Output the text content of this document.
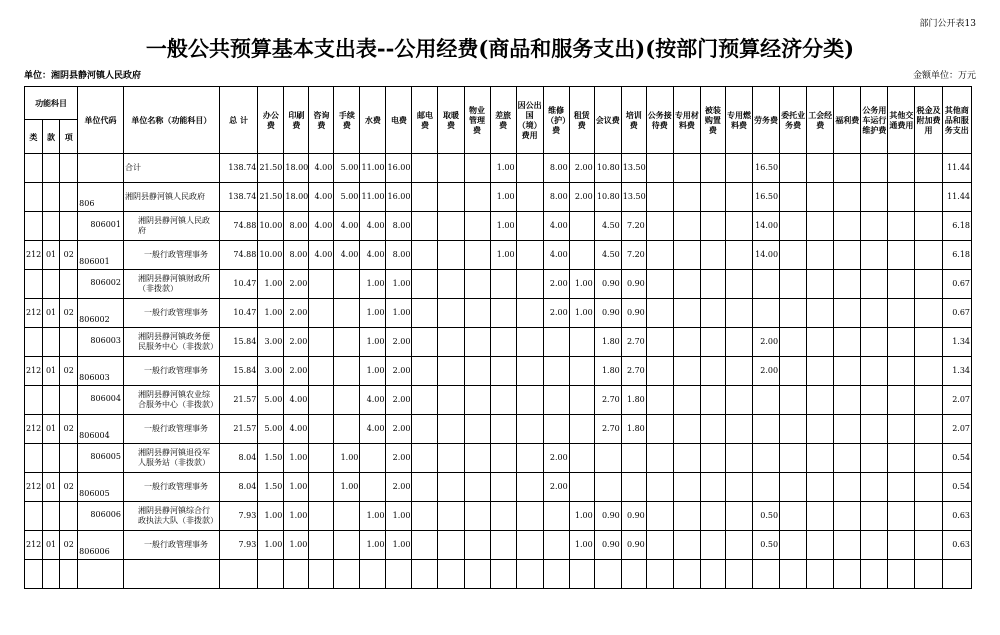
部门公开表13
一般公共预算基本支出表--公用经费(商品和服务支出)(按部门预算经济分类)
单位：湘阴县静河镇人民政府	金额单位：万元
功能科目			单位代码	单位名称（功能科目）	总 计	办公费	印刷费	咨询费	手续费	水费	电费	邮电费	取暖费	物业管理费	差旅费	因公出国（境）费用	维修（护）费	租赁费	会议费	培训费	公务接待费	专用材料费	被装购置费	专用燃料费	劳务费	委托业务费	工会经费	福利费	公务用车运行维护费	其他交通费用	税金及附加费用	其他商品和服务支出
类	款	项																														
				合计	138.74	21.50	18.00	4.00	5.00	11.00	16.00				1.00		8.00	2.00	10.80	13.50					16.50							11.44
			806	湘阴县静河镇人民政府	138.74	21.50	18.00	4.00	5.00	11.00	16.00				1.00		8.00	2.00	10.80	13.50					16.50							11.44
			806001	湘阴县静河镇人民政府	74.88	10.00	8.00	4.00	4.00	4.00	8.00				1.00		4.00		4.50	7.20					14.00							6.18
212	01	02	806001	一般行政管理事务	74.88	10.00	8.00	4.00	4.00	4.00	8.00				1.00		4.00		4.50	7.20					14.00							6.18
			806002	湘阴县静河镇财政所（非拨款）	10.47	1.00	2.00			1.00	1.00						2.00	1.00	0.90	0.90												0.67
212	01	02	806002	一般行政管理事务	10.47	1.00	2.00			1.00	1.00						2.00	1.00	0.90	0.90												0.67
			806003	湘阴县静河镇政务便民服务中心（非拨款）	15.84	3.00	2.00			1.00	2.00								1.80	2.70					2.00							1.34
212	01	02	806003	一般行政管理事务	15.84	3.00	2.00			1.00	2.00								1.80	2.70					2.00							1.34
			806004	湘阴县静河镇农业综合服务中心（非拨款）	21.57	5.00	4.00			4.00	2.00								2.70	1.80												2.07
212	01	02	806004	一般行政管理事务	21.57	5.00	4.00			4.00	2.00								2.70	1.80												2.07
			806005	湘阴县静河镇退役军人服务站（非拨款）	8.04	1.50	1.00		1.00		2.00						2.00															0.54
212	01	02	806005	一般行政管理事务	8.04	1.50	1.00		1.00		2.00						2.00															0.54
			806006	湘阴县静河镇综合行政执法大队（非拨款）	7.93	1.00	1.00			1.00	1.00							1.00	0.90	0.90					0.50							0.63
212	01	02	806006	一般行政管理事务	7.93	1.00	1.00			1.00	1.00							1.00	0.90	0.90					0.50							0.63
